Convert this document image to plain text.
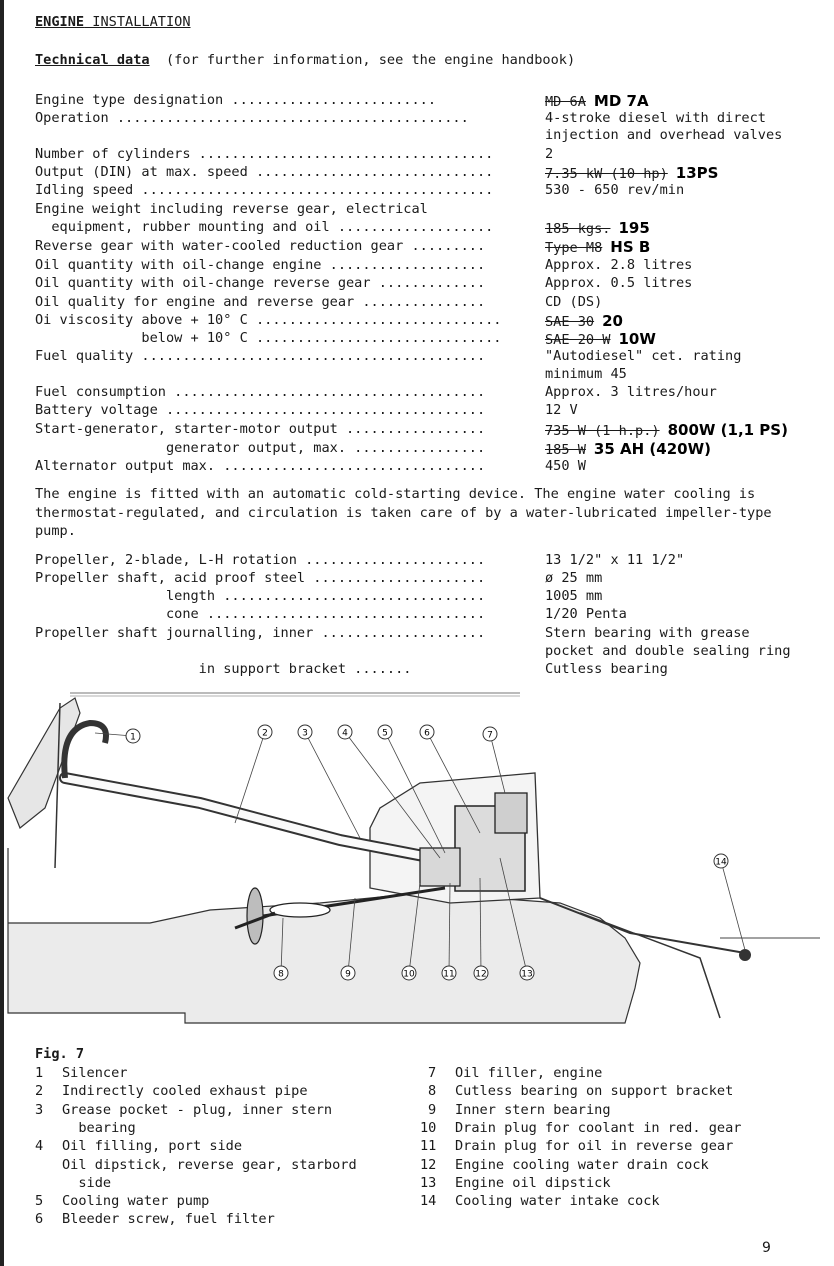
ENGINE INSTALLATION
Technical data (for further information, see the engine handbook)
Engine type designation .........................	MD 6A MD 7A
Operation ...........................................	4-stroke diesel with direct
injection and overhead valves
Number of cylinders ....................................	2
Output (DIN) at max. speed .............................	7.35 kW (10 hp) 13PS
Idling speed ...........................................	530 - 650 rev/min
Engine weight including reverse gear, electrical
equipment, rubber mounting and oil ...................	185 kgs. 195
Reverse gear with water-cooled reduction gear .........	Type M8 HS B
Oil quantity with oil-change engine ...................	Approx. 2.8 litres
Oil quantity with oil-change reverse gear .............	Approx. 0.5 litres
Oil quality for engine and reverse gear ...............	CD (DS)
Oi viscosity above + 10° C ..............................	SAE 30 20
below + 10° C ..............................	SAE 20 W 10W
Fuel quality ..........................................	"Autodiesel" cet. rating
minimum 45
Fuel consumption ......................................	Approx. 3 litres/hour
Battery voltage .......................................	12 V
Start-generator, starter-motor output .................	735 W (1 h.p.) 800W (1,1 PS)
generator output, max. ................	185 W 35 AH (420W)
Alternator output max. ................................	450 W
The engine is fitted with an automatic cold-starting device. The engine water cooling is thermostat-regulated, and circulation is taken care of by a water-lubricated impeller-type pump.
Propeller, 2-blade, L-H rotation ......................	13 1/2" x 11 1/2"
Propeller shaft, acid proof steel .....................	ø 25 mm
length ................................	1005 mm
cone ..................................	1/20 Penta
Propeller shaft journalling, inner ....................	Stern bearing with grease
pocket and double sealing ring
in support bracket .......	Cutless bearing
1	2	3	4	5	6	7
8	9	10	11 12	13
14
Fig. 7
1 Silencer
2 Indirectly cooled exhaust pipe
3 Grease pocket - plug, inner stern
bearing
4 Oil filling, port side
Oil dipstick, reverse gear, starbord
side
5 Cooling water pump
6 Bleeder screw, fuel filter
7 Oil filler, engine
8 Cutless bearing on support bracket
9 Inner stern bearing
10 Drain plug for coolant in red. gear
11 Drain plug for oil in reverse gear
12 Engine cooling water drain cock
13 Engine oil dipstick
14 Cooling water intake cock
9
